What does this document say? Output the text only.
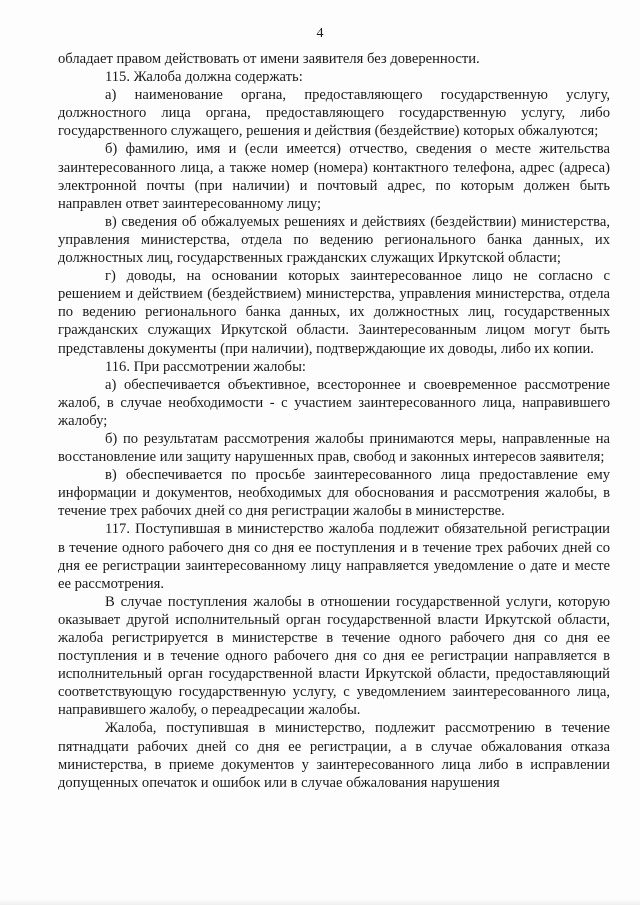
4

обладает правом действовать от имени заявителя без доверенности.

115. Жалоба должна содержать:

а) наименование органа, предоставляющего государственную услугу, должностного лица органа, предоставляющего государственную услугу, либо государственного служащего, решения и действия (бездействие) которых обжалуются;

б) фамилию, имя и (если имеется) отчество, сведения о месте жительства заинтересованного лица, а также номер (номера) контактного телефона, адрес (адреса) электронной почты (при наличии) и почтовый адрес, по которым должен быть направлен ответ заинтересованному лицу;

в) сведения об обжалуемых решениях и действиях (бездействии) министерства, управления министерства, отдела по ведению регионального банка данных, их должностных лиц, государственных гражданских служащих Иркутской области;

г) доводы, на основании которых заинтересованное лицо не согласно с решением и действием (бездействием) министерства, управления министерства, отдела по ведению регионального банка данных, их должностных лиц, государственных гражданских служащих Иркутской области. Заинтересованным лицом могут быть представлены документы (при наличии), подтверждающие их доводы, либо их копии.

116. При рассмотрении жалобы:

а) обеспечивается объективное, всестороннее и своевременное рассмотрение жалоб, в случае необходимости - с участием заинтересованного лица, направившего жалобу;

б) по результатам рассмотрения жалобы принимаются меры, направленные на восстановление или защиту нарушенных прав, свобод и законных интересов заявителя;

в) обеспечивается по просьбе заинтересованного лица предоставление ему информации и документов, необходимых для обоснования и рассмотрения жалобы, в течение трех рабочих дней со дня регистрации жалобы в министерстве.

117. Поступившая в министерство жалоба подлежит обязательной регистрации в течение одного рабочего дня со дня ее поступления и в течение трех рабочих дней со дня ее регистрации заинтересованному лицу направляется уведомление о дате и месте ее рассмотрения.

В случае поступления жалобы в отношении государственной услуги, которую оказывает другой исполнительный орган государственной власти Иркутской области, жалоба регистрируется в министерстве в течение одного рабочего дня со дня ее поступления и в течение одного рабочего дня со дня ее регистрации направляется в исполнительный орган государственной власти Иркутской области, предоставляющий соответствующую государственную услугу, с уведомлением заинтересованного лица, направившего жалобу, о переадресации жалобы.

Жалоба, поступившая в министерство, подлежит рассмотрению в течение пятнадцати рабочих дней со дня ее регистрации, а в случае обжалования отказа министерства, в приеме документов у заинтересованного лица либо в исправлении допущенных опечаток и ошибок или в случае обжалования нарушения
